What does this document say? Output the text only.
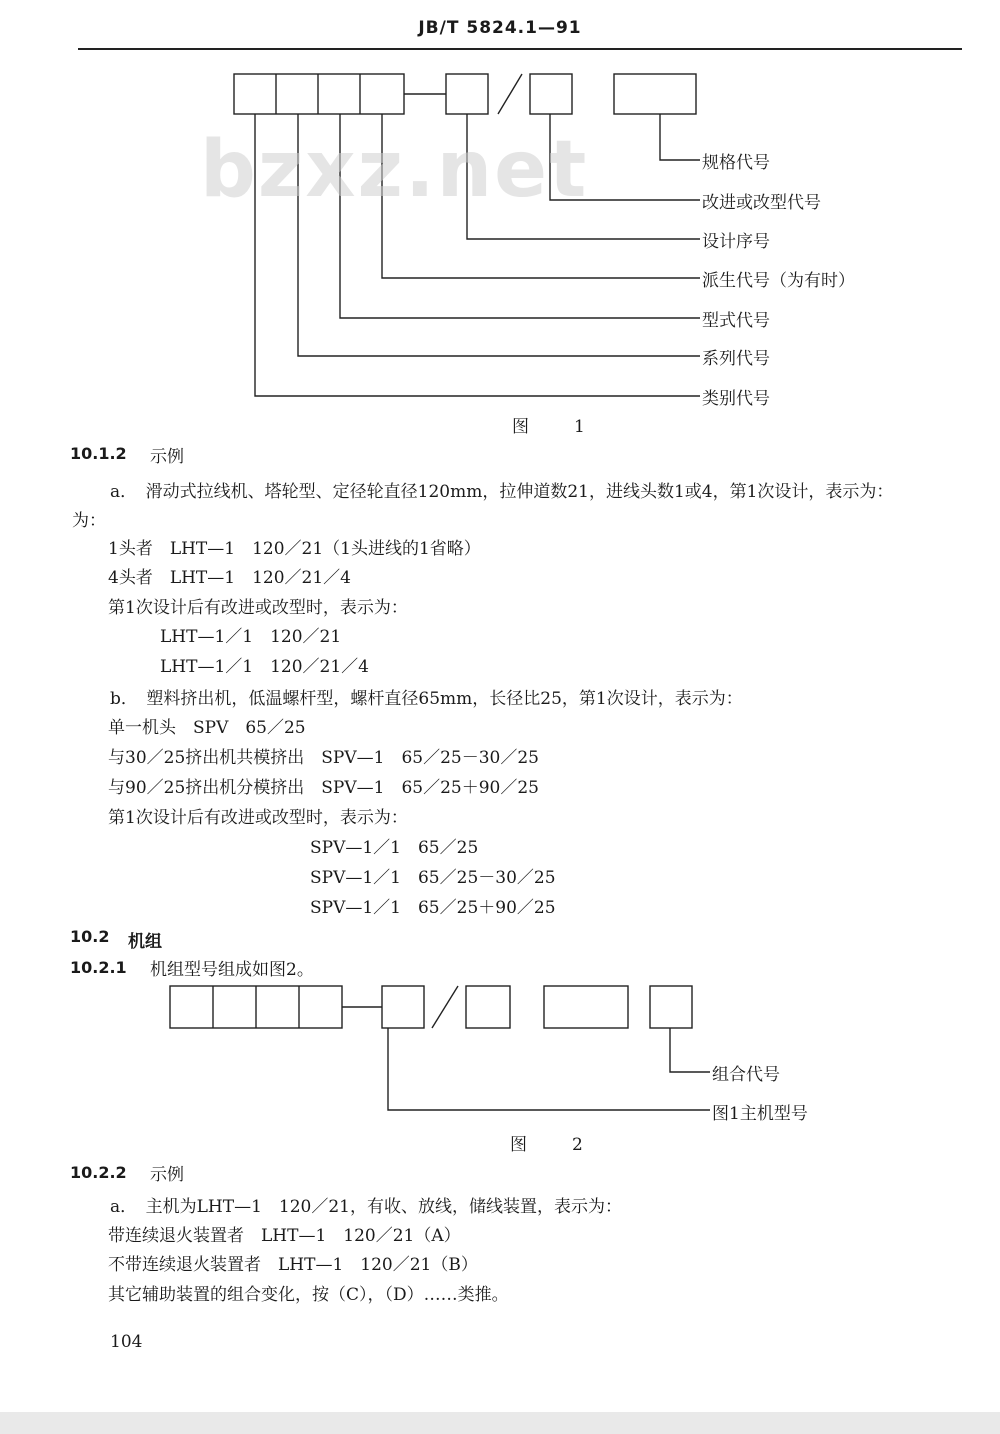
JB/T 5824.1—91
bzxz.net	规格代号
改进或改型代号
设计序号
派生代号（为有时）
型式代号
系列代号
类别代号
图　1
10.1.2 示例
a．　滑动式拉线机、塔轮型、定径轮直径120mm，拉伸道数21，进线头数1或4，第1次设计，表示为：
为：
1头者　LHT—1　120／21（1头进线的1省略）
4头者　LHT—1　120／21／4
第1次设计后有改进或改型时，表示为：
LHT—1／1　120／21
LHT—1／1　120／21／4
b．　塑料挤出机，低温螺杆型，螺杆直径65mm，长径比25，第1次设计，表示为：
单一机头　SPV　65／25
与30／25挤出机共模挤出　SPV—1　65／25－30／25
与90／25挤出机分模挤出　SPV—1　65／25＋90／25
第1次设计后有改进或改型时，表示为：
SPV—1／1　65／25
SPV—1／1　65／25－30／25
SPV—1／1　65／25＋90／25
10.2 机组
10.2.1 机组型号组成如图2。
组合代号
图1主机型号
图　2
10.2.2 示例
a．　主机为LHT—1　120／21，有收、放线，储线装置，表示为：
带连续退火装置者　LHT—1　120／21（A）
不带连续退火装置者　LHT—1　120／21（B）
其它辅助装置的组合变化，按（C），（D）……类推。
104
